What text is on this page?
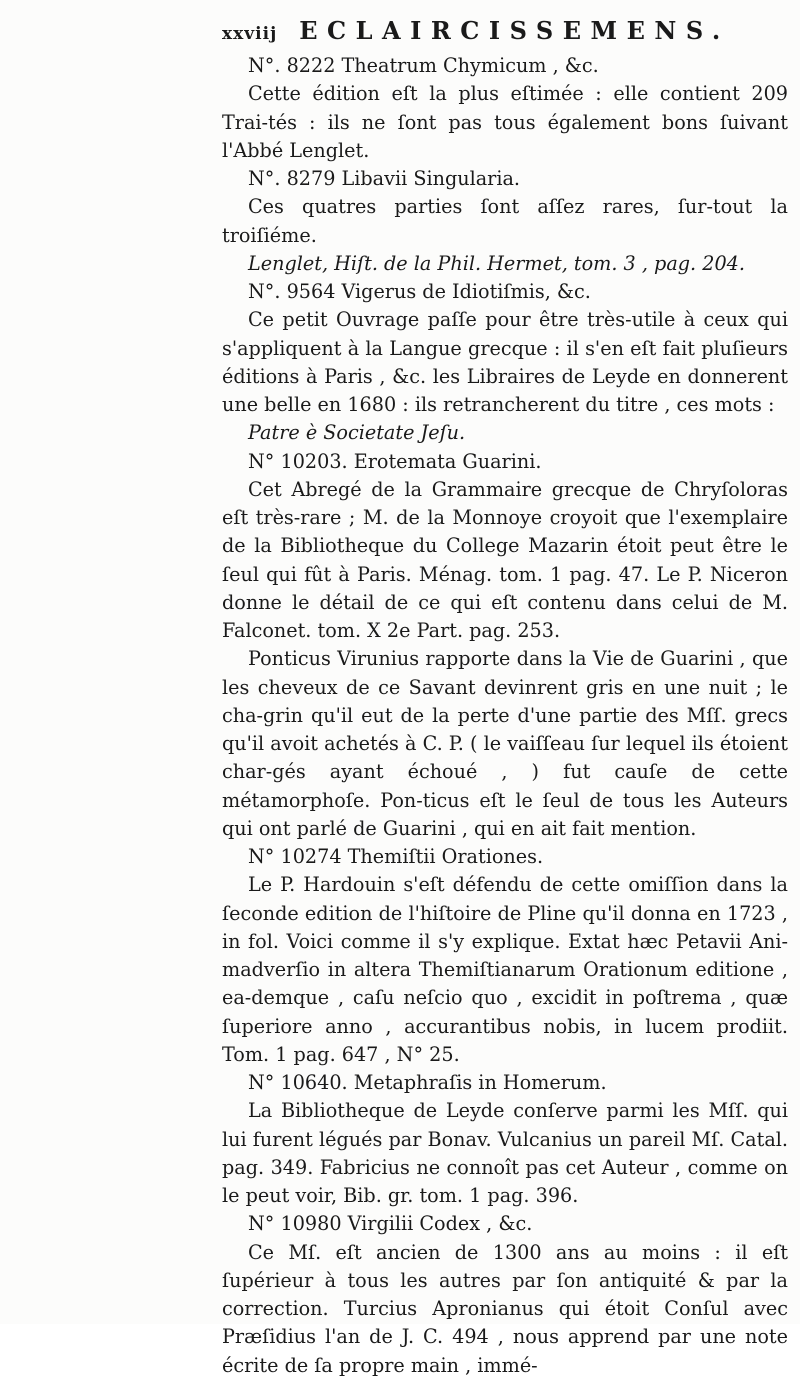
xxviij ECLAIRCISSEMENS.

N°. 8222 Theatrum Chymicum , &c.

Cette édition eſt la plus eſtimée : elle contient 209 Trai-tés : ils ne ſont pas tous également bons ſuivant l'Abbé Lenglet.

N°. 8279 Libavii Singularia.

Ces quatres parties ſont aſſez rares, ſur-tout la troiſiéme.
Lenglet, Hiſt. de la Phil. Hermet, tom. 3 , pag. 204.

N°. 9564 Vigerus de Idiotiſmis, &c.

Ce petit Ouvrage paſſe pour être très-utile à ceux qui s'appliquent à la Langue grecque : il s'en eſt fait pluſieurs éditions à Paris , &c. les Libraires de Leyde en donnerent une belle en 1680 : ils retrancherent du titre , ces mots :
Patre è Societate Jeſu.

N° 10203. Erotemata Guarini.

Cet Abregé de la Grammaire grecque de Chryſoloras eſt très-rare ; M. de la Monnoye croyoit que l'exemplaire de la Bibliotheque du College Mazarin étoit peut être le ſeul qui fût à Paris. Ménag. tom. 1 pag. 47. Le P. Niceron donne le détail de ce qui eſt contenu dans celui de M. Falconet. tom. X 2e Part. pag. 253.

Ponticus Virunius rapporte dans la Vie de Guarini , que les cheveux de ce Savant devinrent gris en une nuit ; le cha-grin qu'il eut de la perte d'une partie des Mſſ. grecs qu'il avoit achetés à C. P. ( le vaiſſeau ſur lequel ils étoient char-gés ayant échoué , ) fut cauſe de cette métamorphoſe. Pon-ticus eſt le ſeul de tous les Auteurs qui ont parlé de Guarini , qui en ait fait mention.

N° 10274 Themiſtii Orationes.

Le P. Hardouin s'eſt défendu de cette omiſſion dans la ſeconde edition de l'hiſtoire de Pline qu'il donna en 1723 , in fol. Voici comme il s'y explique. Extat hæc Petavii Ani-madverſio in altera Themiſtianarum Orationum editione , ea-demque , caſu neſcio quo , excidit in poſtrema , quæ ſuperiore anno , accurantibus nobis, in lucem prodiit. Tom. 1 pag. 647 , N° 25.

N° 10640. Metaphraſis in Homerum.

La Bibliotheque de Leyde conſerve parmi les Mſſ. qui lui furent légués par Bonav. Vulcanius un pareil Mſ. Catal. pag. 349. Fabricius ne connoît pas cet Auteur , comme on le peut voir, Bib. gr. tom. 1 pag. 396.

N° 10980 Virgilii Codex , &c.

Ce Mſ. eſt ancien de 1300 ans au moins : il eſt ſupérieur à tous les autres par ſon antiquité & par la correction. Turcius Apronianus qui étoit Conſul avec Præſidius l'an de J. C. 494 , nous apprend par une note écrite de ſa propre main , immé-
